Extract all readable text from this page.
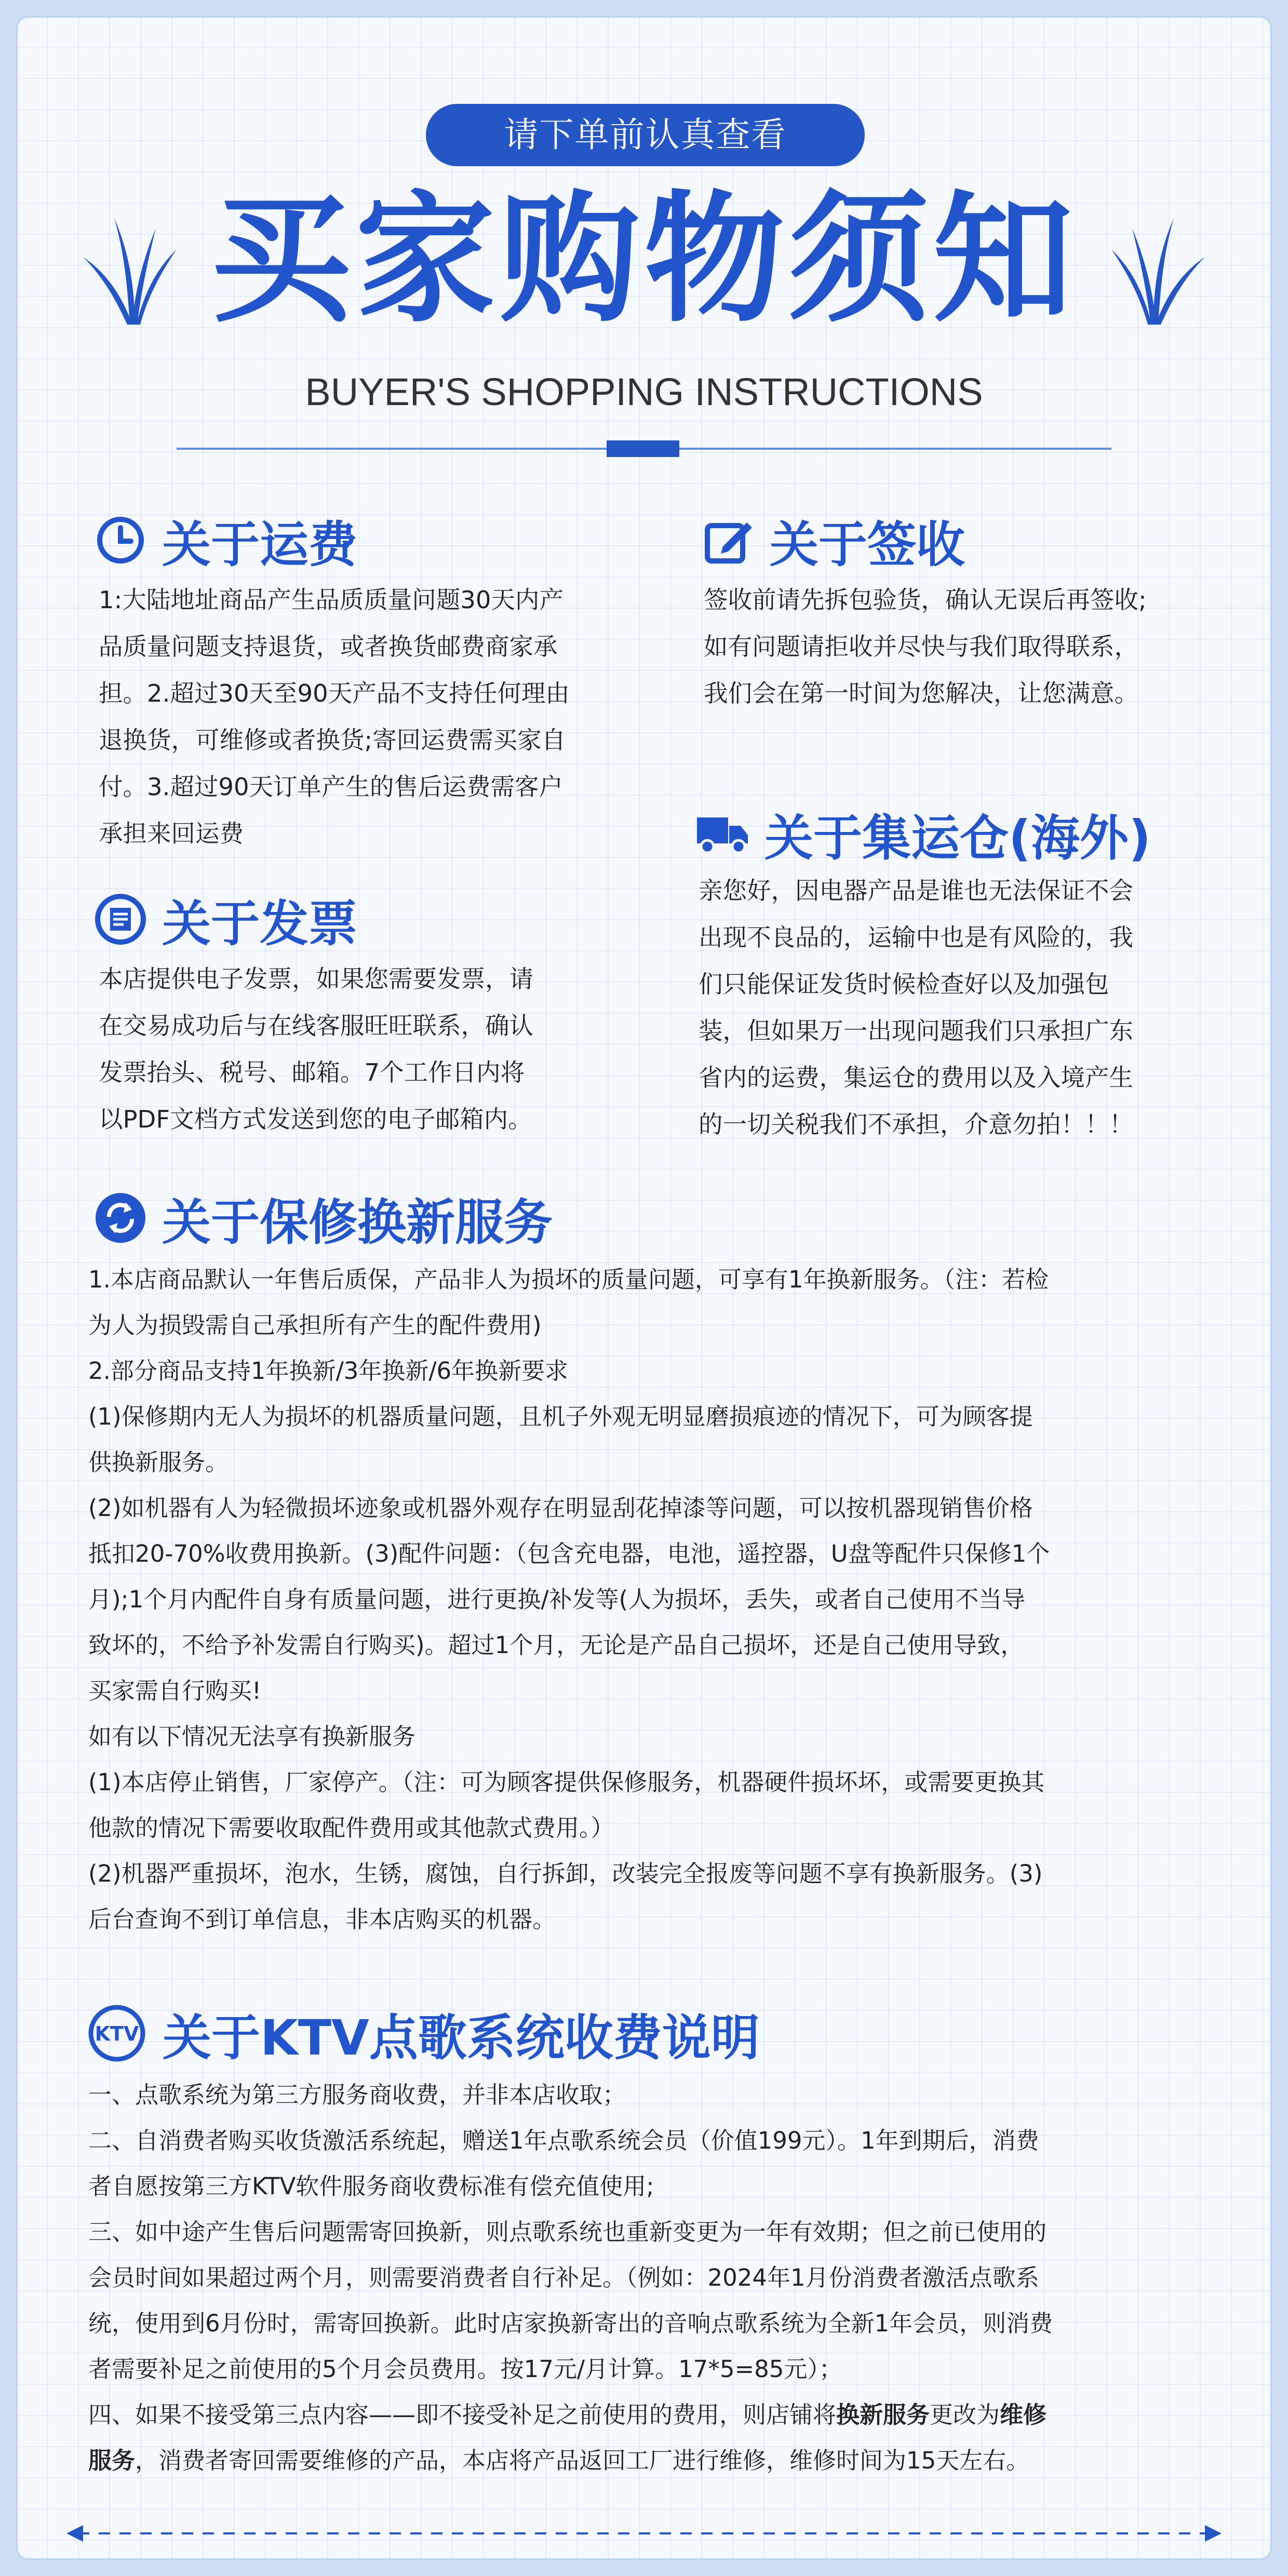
请下单前认真查看
买家购物须知
BUYER'S SHOPPING INSTRUCTIONS
关于运费

1:大陆地址商品产生品质质量问题30天内产

品质量问题支持退货，或者换货邮费商家承

担。2.超过30天至90天产品不支持任何理由

退换货，可维修或者换货;寄回运费需买家自

付。3.超过90天订单产生的售后运费需客户

承担来回运费

关于签收

签收前请先拆包验货，确认无误后再签收;

如有问题请拒收并尽快与我们取得联系，

我们会在第一时间为您解决，让您满意。

关于集运仓(海外)

亲您好，因电器产品是谁也无法保证不会

出现不良品的，运输中也是有风险的，我

们只能保证发货时候检查好以及加强包

装，但如果万一出现问题我们只承担广东

省内的运费，集运仓的费用以及入境产生

的一切关税我们不承担，介意勿拍！！！

关于发票

本店提供电子发票，如果您需要发票，请

在交易成功后与在线客服旺旺联系，确认

发票抬头、税号、邮箱。7个工作日内将

以PDF文档方式发送到您的电子邮箱内。

关于保修换新服务

1.本店商品默认一年售后质保，产品非人为损坏的质量问题，可享有1年换新服务。（注：若检

为人为损毁需自己承担所有产生的配件费用)

2.部分商品支持1年换新/3年换新/6年换新要求

(1)保修期内无人为损坏的机器质量问题，且机子外观无明显磨损痕迹的情况下，可为顾客提

供换新服务。

(2)如机器有人为轻微损坏迹象或机器外观存在明显刮花掉漆等问题，可以按机器现销售价格

抵扣20-70%收费用换新。(3)配件问题：（包含充电器，电池，遥控器，U盘等配件只保修1个

月);1个月内配件自身有质量问题，进行更换/补发等(人为损坏，丢失，或者自己使用不当导

致坏的，不给予补发需自行购买)。超过1个月，无论是产品自己损坏，还是自己使用导致，

买家需自行购买!

如有以下情况无法享有换新服务

(1)本店停止销售，厂家停产。（注：可为顾客提供保修服务，机器硬件损坏坏，或需要更换其

他款的情况下需要收取配件费用或其他款式费用。）

(2)机器严重损坏，泡水，生锈，腐蚀，自行拆卸，改装完全报废等问题不享有换新服务。(3)

后台查询不到订单信息，非本店购买的机器。

KTV 关于KTV点歌系统收费说明

一、点歌系统为第三方服务商收费，并非本店收取；

二、自消费者购买收货激活系统起，赠送1年点歌系统会员（价值199元）。1年到期后，消费

者自愿按第三方KTV软件服务商收费标准有偿充值使用;

三、如中途产生售后问题需寄回换新，则点歌系统也重新变更为一年有效期；但之前已使用的

会员时间如果超过两个月，则需要消费者自行补足。（例如：2024年1月份消费者激活点歌系

统，使用到6月份时，需寄回换新。此时店家换新寄出的音响点歌系统为全新1年会员，则消费

者需要补足之前使用的5个月会员费用。按17元/月计算。17*5=85元）；

四、如果不接受第三点内容——即不接受补足之前使用的费用，则店铺将换新服务更改为维修

服务，消费者寄回需要维修的产品，本店将产品返回工厂进行维修，维修时间为15天左右。
